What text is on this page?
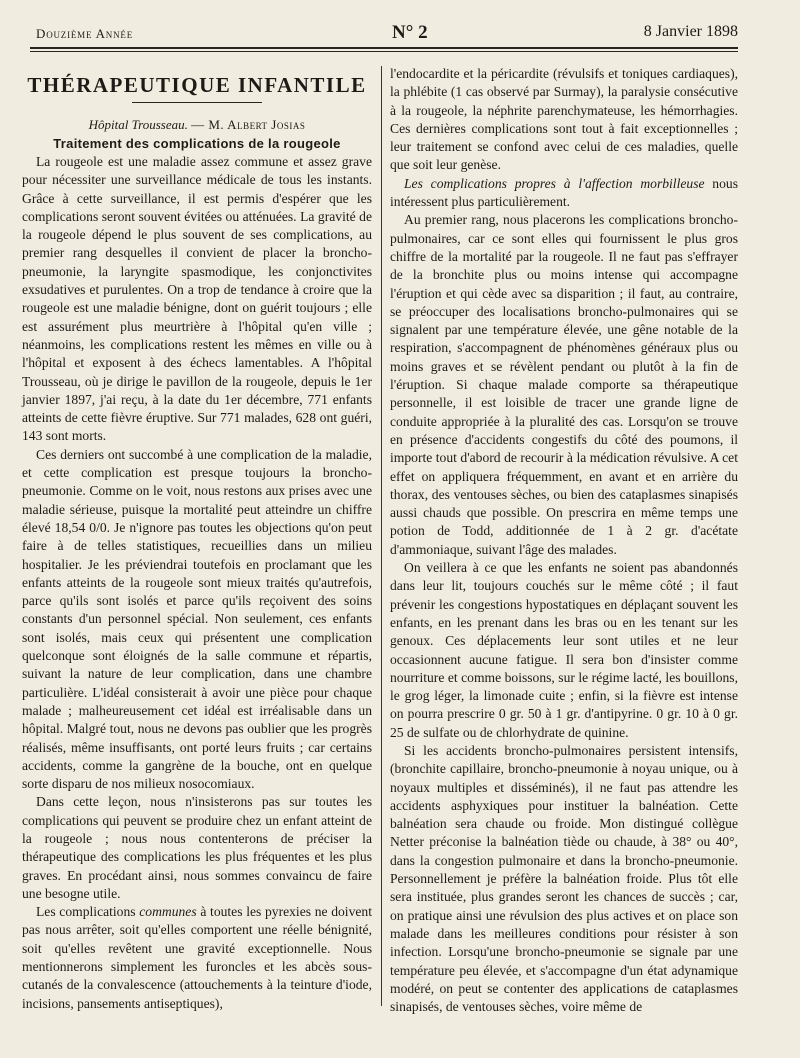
Douzième Année	N° 2	8 Janvier 1898
THÉRAPEUTIQUE INFANTILE
Hôpital Trousseau. — M. Albert Josias
Traitement des complications de la rougeole

La rougeole est une maladie assez commune et assez grave pour nécessiter une surveillance médicale de tous les instants. Grâce à cette surveillance, il est permis d'espérer que les complications seront souvent évitées ou atténuées. La gravité de la rougeole dépend le plus souvent de ses complications, au premier rang desquelles il convient de placer la broncho-pneumonie, la laryngite spasmodique, les conjonctivites exsudatives et purulentes. On a trop de tendance à croire que la rougeole est une maladie bénigne, dont on guérit toujours ; elle est assurément plus meurtrière à l'hôpital qu'en ville ; néanmoins, les complications restent les mêmes en ville ou à l'hôpital et exposent à des échecs lamentables. A l'hôpital Trousseau, où je dirige le pavillon de la rougeole, depuis le 1er janvier 1897, j'ai reçu, à la date du 1er décembre, 771 enfants atteints de cette fièvre éruptive. Sur 771 malades, 628 ont guéri, 143 sont morts.

Ces derniers ont succombé à une complication de la maladie, et cette complication est presque toujours la broncho-pneumonie. Comme on le voit, nous restons aux prises avec une maladie sérieuse, puisque la mortalité peut atteindre un chiffre élevé 18,54 0/0. Je n'ignore pas toutes les objections qu'on peut faire à de telles statistiques, recueillies dans un milieu hospitalier. Je les préviendrai toutefois en proclamant que les enfants atteints de la rougeole sont mieux traités qu'autrefois, parce qu'ils sont isolés et parce qu'ils reçoivent des soins constants d'un personnel spécial. Non seulement, ces enfants sont isolés, mais ceux qui présentent une complication quelconque sont éloignés de la salle commune et répartis, suivant la nature de leur complication, dans une chambre particulière. L'idéal consisterait à avoir une pièce pour chaque malade ; malheureusement cet idéal est irréalisable dans un hôpital. Malgré tout, nous ne devons pas oublier que les progrès réalisés, même insuffisants, ont porté leurs fruits ; car certains accidents, comme la gangrène de la bouche, ont en quelque sorte disparu de nos milieux nosocomiaux.

Dans cette leçon, nous n'insisterons pas sur toutes les complications qui peuvent se produire chez un enfant atteint de la rougeole ; nous nous contenterons de préciser la thérapeutique des complications les plus fréquentes et les plus graves. En procédant ainsi, nous sommes convaincu de faire une besogne utile.

Les complications communes à toutes les pyrexies ne doivent pas nous arrêter, soit qu'elles comportent une réelle bénignité, soit qu'elles revêtent une gravité exceptionnelle. Nous mentionnerons simplement les furoncles et les abcès sous-cutanés de la convalescence (attouchements à la teinture d'iode, incisions, pansements antiseptiques),

l'endocardite et la péricardite (révulsifs et toniques cardiaques), la phlébite (1 cas observé par Surmay), la paralysie consécutive à la rougeole, la néphrite parenchymateuse, les hémorrhagies. Ces dernières complications sont tout à fait exceptionnelles ; leur traitement se confond avec celui de ces maladies, quelle que soit leur genèse.

Les complications propres à l'affection morbilleuse nous intéressent plus particulièrement.

Au premier rang, nous placerons les complications broncho-pulmonaires, car ce sont elles qui fournissent le plus gros chiffre de la mortalité par la rougeole. Il ne faut pas s'effrayer de la bronchite plus ou moins intense qui accompagne l'éruption et qui cède avec sa disparition ; il faut, au contraire, se préoccuper des localisations broncho-pulmonaires qui se signalent par une température élevée, une gêne notable de la respiration, s'accompagnent de phénomènes généraux plus ou moins graves et se révèlent pendant ou plutôt à la fin de l'éruption. Si chaque malade comporte sa thérapeutique personnelle, il est loisible de tracer une grande ligne de conduite appropriée à la pluralité des cas. Lorsqu'on se trouve en présence d'accidents congestifs du côté des poumons, il importe tout d'abord de recourir à la médication révulsive. A cet effet on appliquera fréquemment, en avant et en arrière du thorax, des ventouses sèches, ou bien des cataplasmes sinapisés aussi chauds que possible. On prescrira en même temps une potion de Todd, additionnée de 1 à 2 gr. d'acétate d'ammoniaque, suivant l'âge des malades.

On veillera à ce que les enfants ne soient pas abandonnés dans leur lit, toujours couchés sur le même côté ; il faut prévenir les congestions hypostatiques en déplaçant souvent les enfants, en les prenant dans les bras ou en les tenant sur les genoux. Ces déplacements leur sont utiles et ne leur occasionnent aucune fatigue. Il sera bon d'insister comme nourriture et comme boissons, sur le régime lacté, les bouillons, le grog léger, la limonade cuite ; enfin, si la fièvre est intense on pourra prescrire 0 gr. 50 à 1 gr. d'antipyrine. 0 gr. 10 à 0 gr. 25 de sulfate ou de chlorhydrate de quinine.

Si les accidents broncho-pulmonaires persistent intensifs, (bronchite capillaire, broncho-pneumonie à noyau unique, ou à noyaux multiples et disséminés), il ne faut pas attendre les accidents asphyxiques pour instituer la balnéation. Cette balnéation sera chaude ou froide. Mon distingué collègue Netter préconise la balnéation tiède ou chaude, à 38° ou 40°, dans la congestion pulmonaire et dans la broncho-pneumonie. Personnellement je préfère la balnéation froide. Plus tôt elle sera instituée, plus grandes seront les chances de succès ; car, on pratique ainsi une révulsion des plus actives et on place son malade dans les meilleures conditions pour résister à son infection. Lorsqu'une broncho-pneumonie se signale par une température peu élevée, et s'accompagne d'un état adynamique modéré, on peut se contenter des applications de cataplasmes sinapisés, de ventouses sèches, voire même de
